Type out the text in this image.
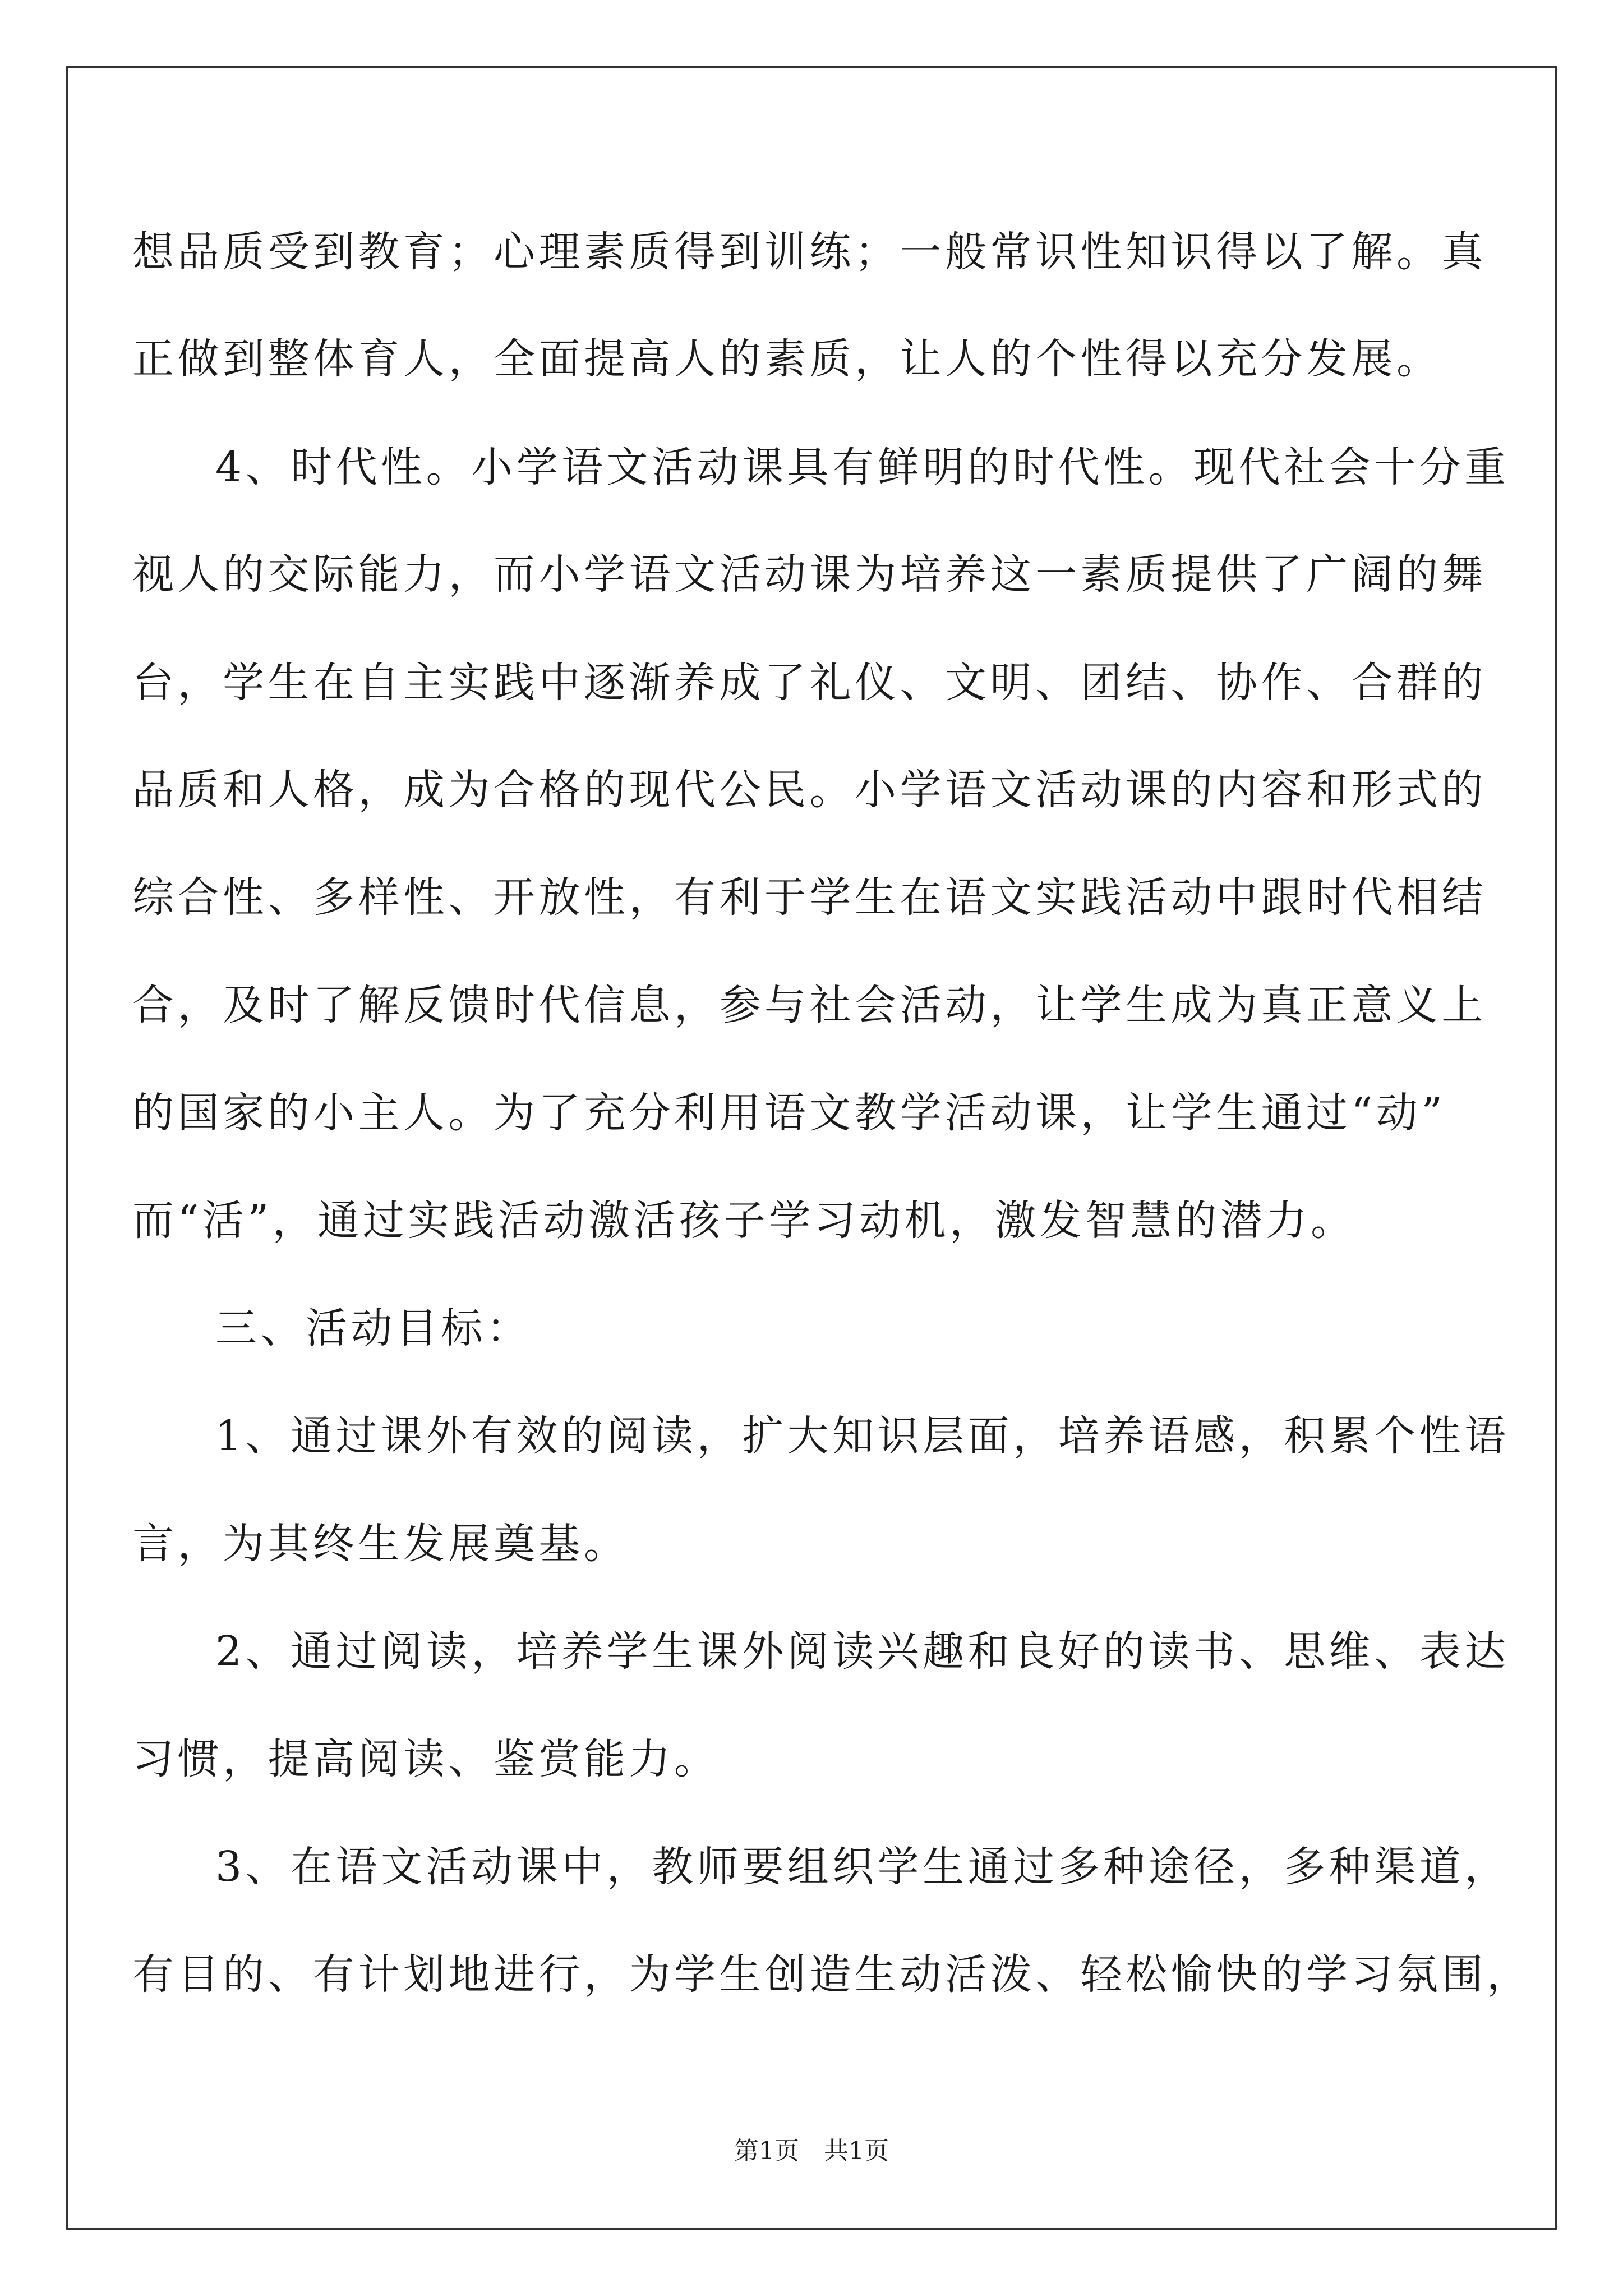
想品质受到教育；心理素质得到训练；一般常识性知识得以了解。真
正做到整体育人，全面提高人的素质，让人的个性得以充分发展。
4、时代性。小学语文活动课具有鲜明的时代性。现代社会十分重
视人的交际能力，而小学语文活动课为培养这一素质提供了广阔的舞
台，学生在自主实践中逐渐养成了礼仪、文明、团结、协作、合群的
品质和人格，成为合格的现代公民。小学语文活动课的内容和形式的
综合性、多样性、开放性，有利于学生在语文实践活动中跟时代相结
合，及时了解反馈时代信息，参与社会活动，让学生成为真正意义上
的国家的小主人。为了充分利用语文教学活动课，让学生通过“动”
而“活”，通过实践活动激活孩子学习动机，激发智慧的潜力。
三、活动目标：
1、通过课外有效的阅读，扩大知识层面，培养语感，积累个性语
言，为其终生发展奠基。
2、通过阅读，培养学生课外阅读兴趣和良好的读书、思维、表达
习惯，提高阅读、鉴赏能力。
3、在语文活动课中，教师要组织学生通过多种途径，多种渠道，
有目的、有计划地进行，为学生创造生动活泼、轻松愉快的学习氛围，
第1页　共1页
